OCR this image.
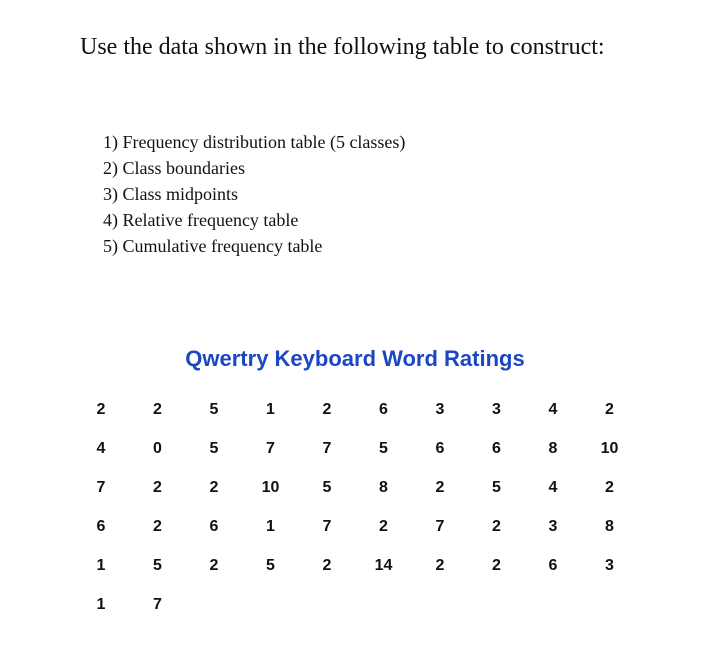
Use the data shown in the following table to construct:
1) Frequency distribution table (5 classes)
2) Class boundaries
3) Class midpoints
4) Relative frequency table
5) Cumulative frequency table
Qwertry Keyboard Word Ratings
2	2	5	1	2	6	3	3	4	2
4	0	5	7	7	5	6	6	8	10
7	2	2	10	5	8	2	5	4	2
6	2	6	1	7	2	7	2	3	8
1	5	2	5	2	14	2	2	6	3
1	7
